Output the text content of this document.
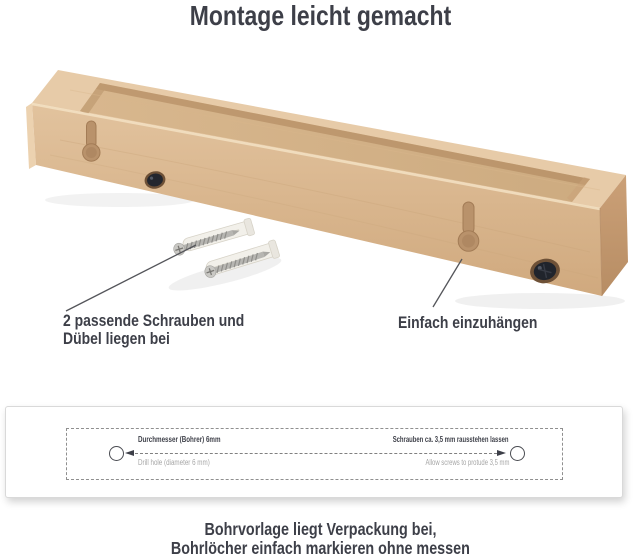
Montage leicht gemacht
2 passende Schrauben und
Dübel liegen bei
Einfach einzuhängen
Durchmesser (Bohrer) 6mm
Drill hole (diameter 6 mm)
Schrauben ca. 3,5 mm rausstehen lassen
Allow screws to protude 3,5 mm
Bohrvorlage liegt Verpackung bei,
Bohrlöcher einfach markieren ohne messen
